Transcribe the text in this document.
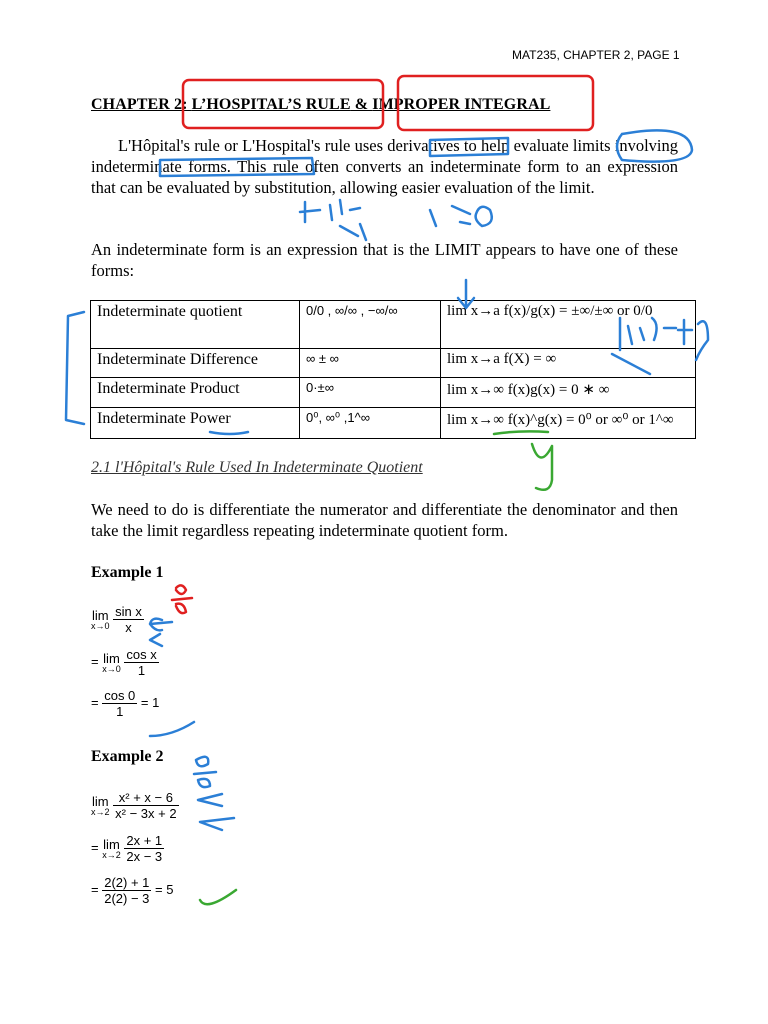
MAT235, CHAPTER 2, PAGE 1
CHAPTER 2: L’HOSPITAL’S RULE & IMPROPER INTEGRAL
L'Hôpital's rule or L'Hospital's rule uses derivatives to help evaluate limits involving indeterminate forms. This rule often converts an indeterminate form to an expression that can be evaluated by substitution, allowing easier evaluation of the limit.
An indeterminate form is an expression that is the LIMIT appears to have one of these forms:
Indeterminate quotient	0/0 , ∞/∞ , −∞/∞	lim x→a f(x)/g(x) = ±∞/±∞ or 0/0
Indeterminate Difference	∞ ± ∞	lim x→a f(X) = ∞
Indeterminate Product	0·±∞	lim x→∞ f(x)g(x) = 0 ∗ ∞
Indeterminate Power	0⁰, ∞⁰ ,1^∞	lim x→∞ f(x)^g(x) = 0⁰ or ∞⁰ or 1^∞
2.1 l'Hôpital's Rule Used In Indeterminate Quotient
We need to do is differentiate the numerator and differentiate the denominator and then take the limit regardless repeating indeterminate quotient form.
Example 1
lim
x→0
$\frac{\text{sin x}}{x}$
= lim
x→0
$\frac{\text{cos x}}{1}$
= $\frac{\cos 0}{1} = 1$
Example 2
lim
x→2
$\frac{\text{x² + x − 6}}{\text{x² − 3x + 2}}$
= lim
x→2
$\frac{2x + 1}{2x - 3}$
= $\frac{2(2) + 1}{2(2) - 3} = 5$
